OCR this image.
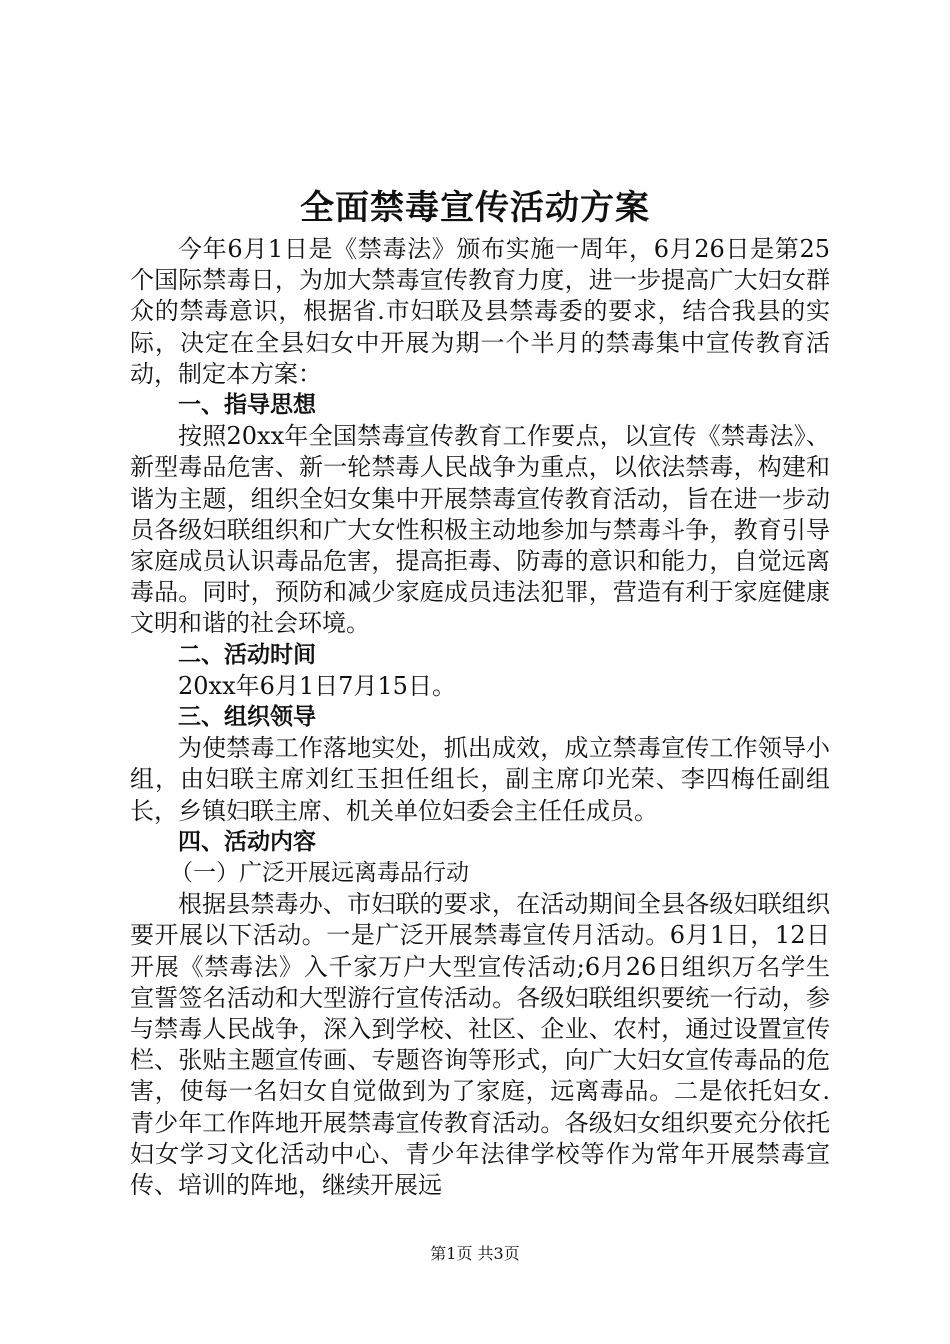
全面禁毒宣传活动方案

今年6月1日是《禁毒法》颁布实施一周年，6月26日是第25个国际禁毒日，为加大禁毒宣传教育力度，进一步提高广大妇女群众的禁毒意识，根据省.市妇联及县禁毒委的要求，结合我县的实际，决定在全县妇女中开展为期一个半月的禁毒集中宣传教育活动，制定本方案：

一、指导思想

按照20xx年全国禁毒宣传教育工作要点，以宣传《禁毒法》、新型毒品危害、新一轮禁毒人民战争为重点，以依法禁毒，构建和谐为主题，组织全妇女集中开展禁毒宣传教育活动，旨在进一步动员各级妇联组织和广大女性积极主动地参加与禁毒斗争，教育引导家庭成员认识毒品危害，提高拒毒、防毒的意识和能力，自觉远离毒品。同时，预防和减少家庭成员违法犯罪，营造有利于家庭健康文明和谐的社会环境。

二、活动时间

20xx年6月1日7月15日。

三、组织领导

为使禁毒工作落地实处，抓出成效，成立禁毒宣传工作领导小组，由妇联主席刘红玉担任组长，副主席卬光荣、李四梅任副组长，乡镇妇联主席、机关单位妇委会主任任成员。

四、活动内容

（一）广泛开展远离毒品行动

根据县禁毒办、市妇联的要求，在活动期间全县各级妇联组织要开展以下活动。一是广泛开展禁毒宣传月活动。6月1日，12日开展《禁毒法》入千家万户大型宣传活动;6月26日组织万名学生宣誓签名活动和大型游行宣传活动。各级妇联组织要统一行动，参与禁毒人民战争，深入到学校、社区、企业、农村，通过设置宣传栏、张贴主题宣传画、专题咨询等形式，向广大妇女宣传毒品的危害，使每一名妇女自觉做到为了家庭，远离毒品。二是依托妇女.青少年工作阵地开展禁毒宣传教育活动。各级妇女组织要充分依托妇女学习文化活动中心、青少年法律学校等作为常年开展禁毒宣传、培训的阵地，继续开展远

第1页 共3页
